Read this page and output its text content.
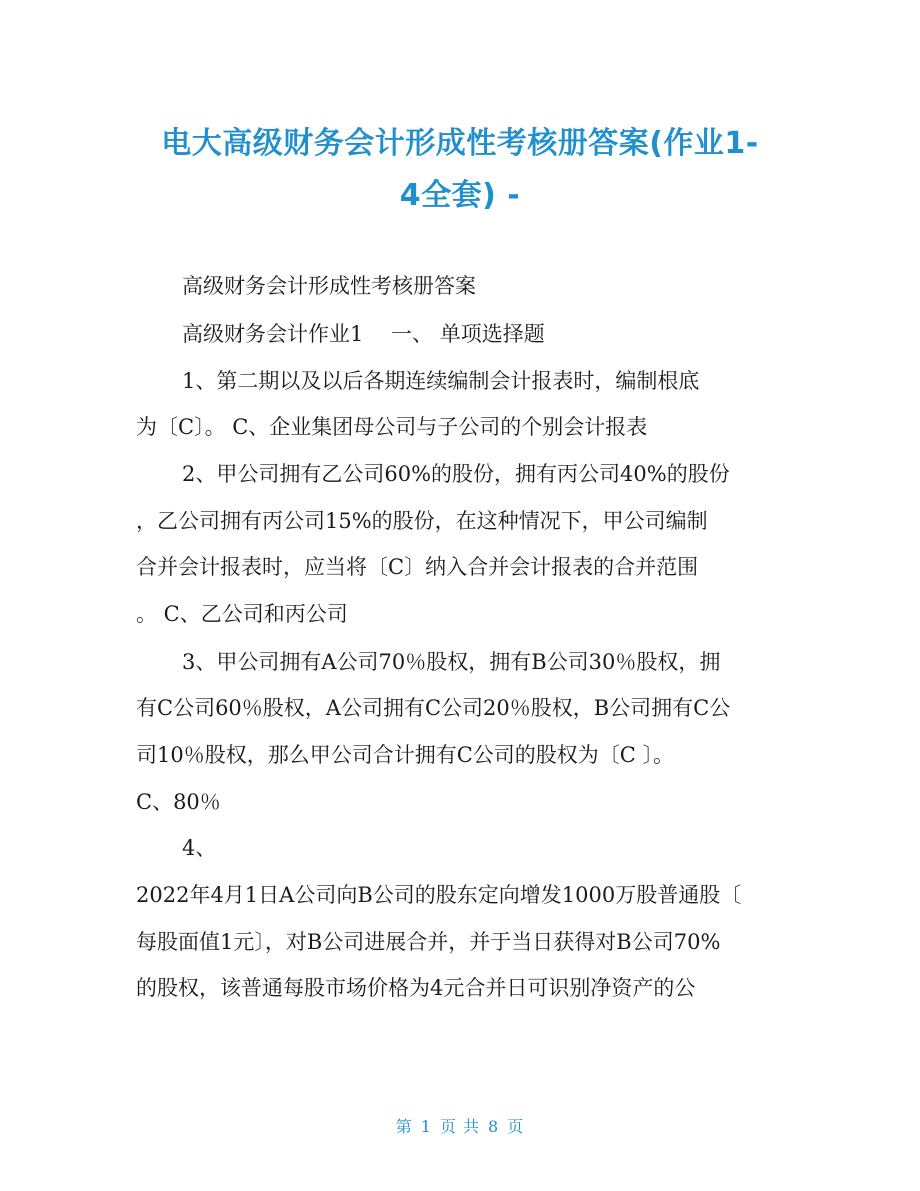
电大高级财务会计形成性考核册答案(作业1-
4全套) -
高级财务会计形成性考核册答案
高级财务会计作业1　 一、 单项选择题
1、第二期以及以后各期连续编制会计报表时，编制根底
为〔C〕。 C、企业集团母公司与子公司的个别会计报表
2、甲公司拥有乙公司60%的股份，拥有丙公司40%的股份
，乙公司拥有丙公司15%的股份，在这种情况下，甲公司编制
合并会计报表时，应当将〔C〕纳入合并会计报表的合并范围
。 C、乙公司和丙公司
3、甲公司拥有A公司70％股权，拥有B公司30％股权，拥
有C公司60％股权，A公司拥有C公司20％股权，B公司拥有C公
司10％股权，那么甲公司合计拥有C公司的股权为〔C 〕。
C、80％
4、
2022年4月1日A公司向B公司的股东定向增发1000万股普通股〔
每股面值1元〕，对B公司进展合并，并于当日获得对B公司70%
的股权，该普通每股市场价格为4元合并日可识别净资产的公
第 1 页 共 8 页
